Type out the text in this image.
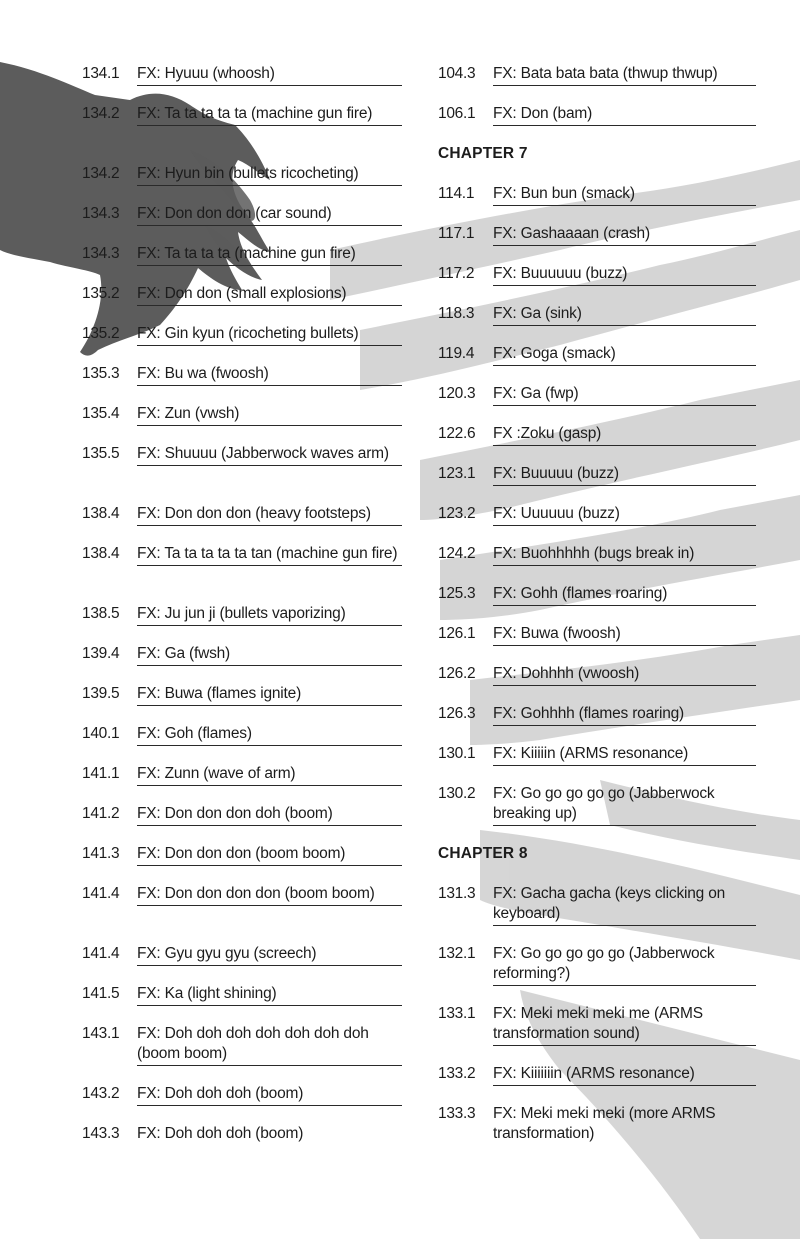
134.1	FX: Hyuuu (whoosh)
134.2	FX: Ta ta ta ta ta (machine gun fire)
134.2	FX: Hyun bin (bullets ricocheting)
134.3	FX: Don don don (car sound)
134.3	FX: Ta ta ta ta (machine gun fire)
135.2	FX: Don don (small explosions)
135.2	FX: Gin kyun (ricocheting bullets)
135.3	FX: Bu wa (fwoosh)
135.4	FX: Zun (vwsh)
135.5	FX: Shuuuu (Jabberwock waves arm)
138.4	FX: Don don don (heavy footsteps)
138.4	FX: Ta ta ta ta ta tan (machine gun fire)
138.5	FX: Ju jun ji (bullets vaporizing)
139.4	FX: Ga (fwsh)
139.5	FX: Buwa (flames ignite)
140.1	FX: Goh (flames)
141.1	FX: Zunn (wave of arm)
141.2	FX: Don don don doh (boom)
141.3	FX: Don don don (boom boom)
141.4	FX: Don don don don (boom boom)
141.4	FX: Gyu gyu gyu (screech)
141.5	FX: Ka (light shining)
143.1	FX: Doh doh doh doh doh doh doh (boom boom)
143.2	FX: Doh doh doh (boom)
143.3	FX: Doh doh doh (boom)
104.3	FX: Bata bata bata (thwup thwup)
106.1	FX: Don (bam)
CHAPTER 7
114.1	FX: Bun bun (smack)
117.1	FX: Gashaaaan (crash)
117.2	FX: Buuuuuu (buzz)
118.3	FX: Ga (sink)
119.4	FX: Goga (smack)
120.3	FX: Ga (fwp)
122.6	FX :Zoku (gasp)
123.1	FX: Buuuuu (buzz)
123.2	FX: Uuuuuu (buzz)
124.2	FX: Buohhhhh (bugs break in)
125.3	FX: Gohh (flames roaring)
126.1	FX: Buwa (fwoosh)
126.2	FX: Dohhhh (vwoosh)
126.3	FX: Gohhhh (flames roaring)
130.1	FX: Kiiiiin (ARMS resonance)
130.2	FX: Go go go go go (Jabberwock breaking up)
CHAPTER 8
131.3	FX: Gacha gacha (keys clicking on keyboard)
132.1	FX: Go go go go go (Jabberwock reforming?)
133.1	FX: Meki meki meki me (ARMS transformation sound)
133.2	FX: Kiiiiiiin (ARMS resonance)
133.3	FX: Meki meki meki (more ARMS transformation)
